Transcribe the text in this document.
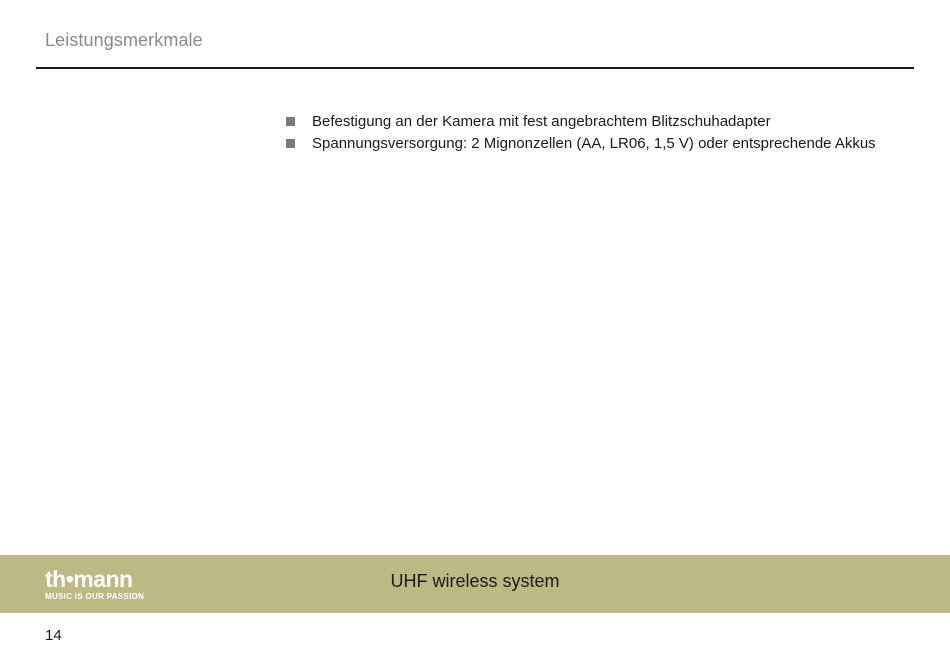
Leistungsmerkmale
Befestigung an der Kamera mit fest angebrachtem Blitzschuhadapter
Spannungsversorgung: 2 Mignonzellen (AA, LR06, 1,5 V) oder entsprechende Akkus
th•mann
MUSIC IS OUR PASSION
UHF wireless system
14
